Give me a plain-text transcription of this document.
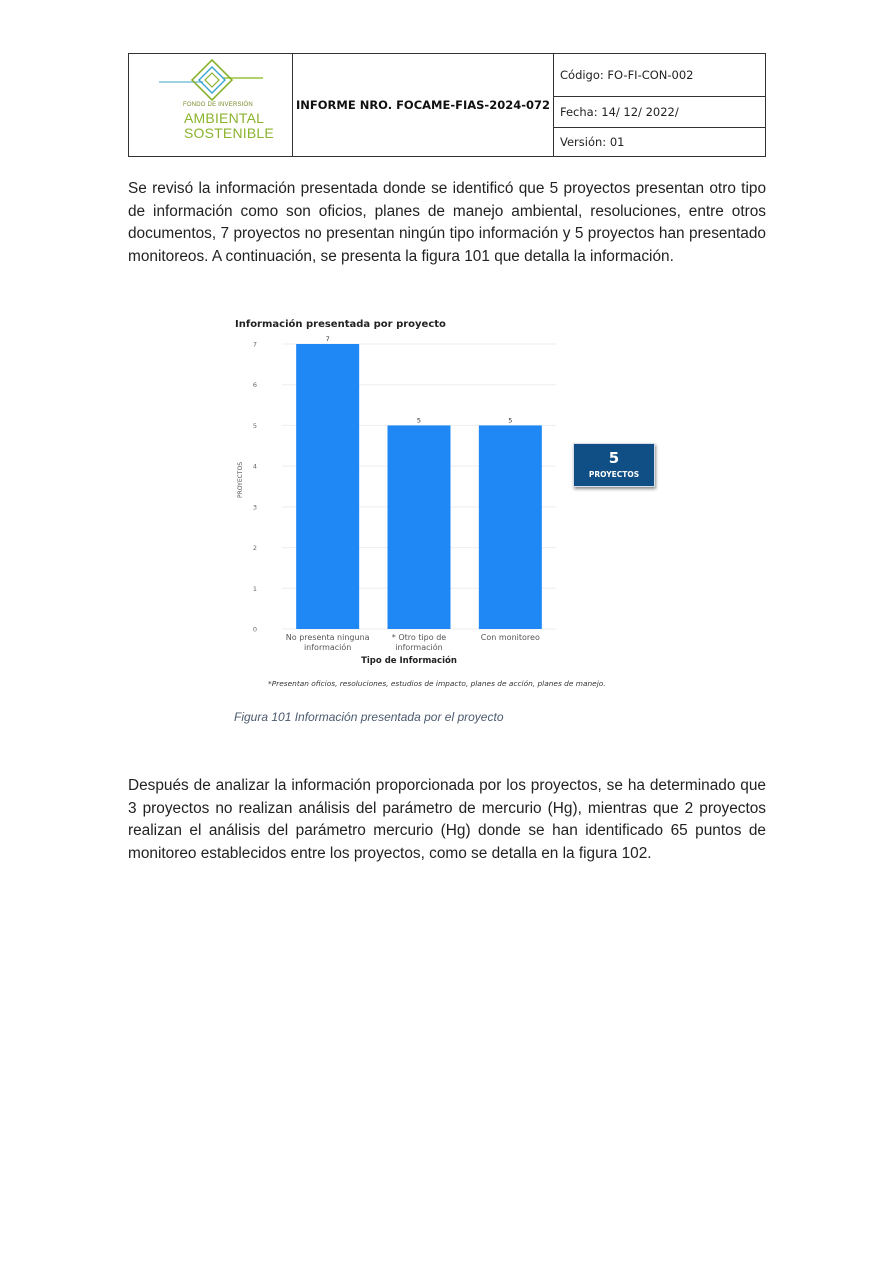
FONDO DE INVERSIÓN
AMBIENTAL
SOSTENIBLE
INFORME NRO. FOCAME-FIAS-2024-072
Código: FO-FI-CON-002
Fecha: 14/ 12/ 2022/
Versión: 01

Se revisó la información presentada donde se identificó que 5 proyectos presentan otro tipo de información como son oficios, planes de manejo ambiental, resoluciones, entre otros documentos, 7 proyectos no presentan ningún tipo información y 5 proyectos han presentado monitoreos. A continuación, se presenta la figura 101 que detalla la información.

Información presentada por proyecto
0
1
2
3
4
5
6
7
7
5	5
No presenta ninguna
información
* Otro tipo de
información
Con monitoreo
Tipo de Información
PROYECTOS
5
PROYECTOS
*Presentan oficios, resoluciones, estudios de impacto, planes de acción, planes de manejo.
Figura 101 Información presentada por el proyecto

Después de analizar la información proporcionada por los proyectos, se ha determinado que 3 proyectos no realizan análisis del parámetro de mercurio (Hg), mientras que 2 proyectos realizan el análisis del parámetro mercurio (Hg) donde se han identificado 65 puntos de monitoreo establecidos entre los proyectos, como se detalla en la figura 102.
